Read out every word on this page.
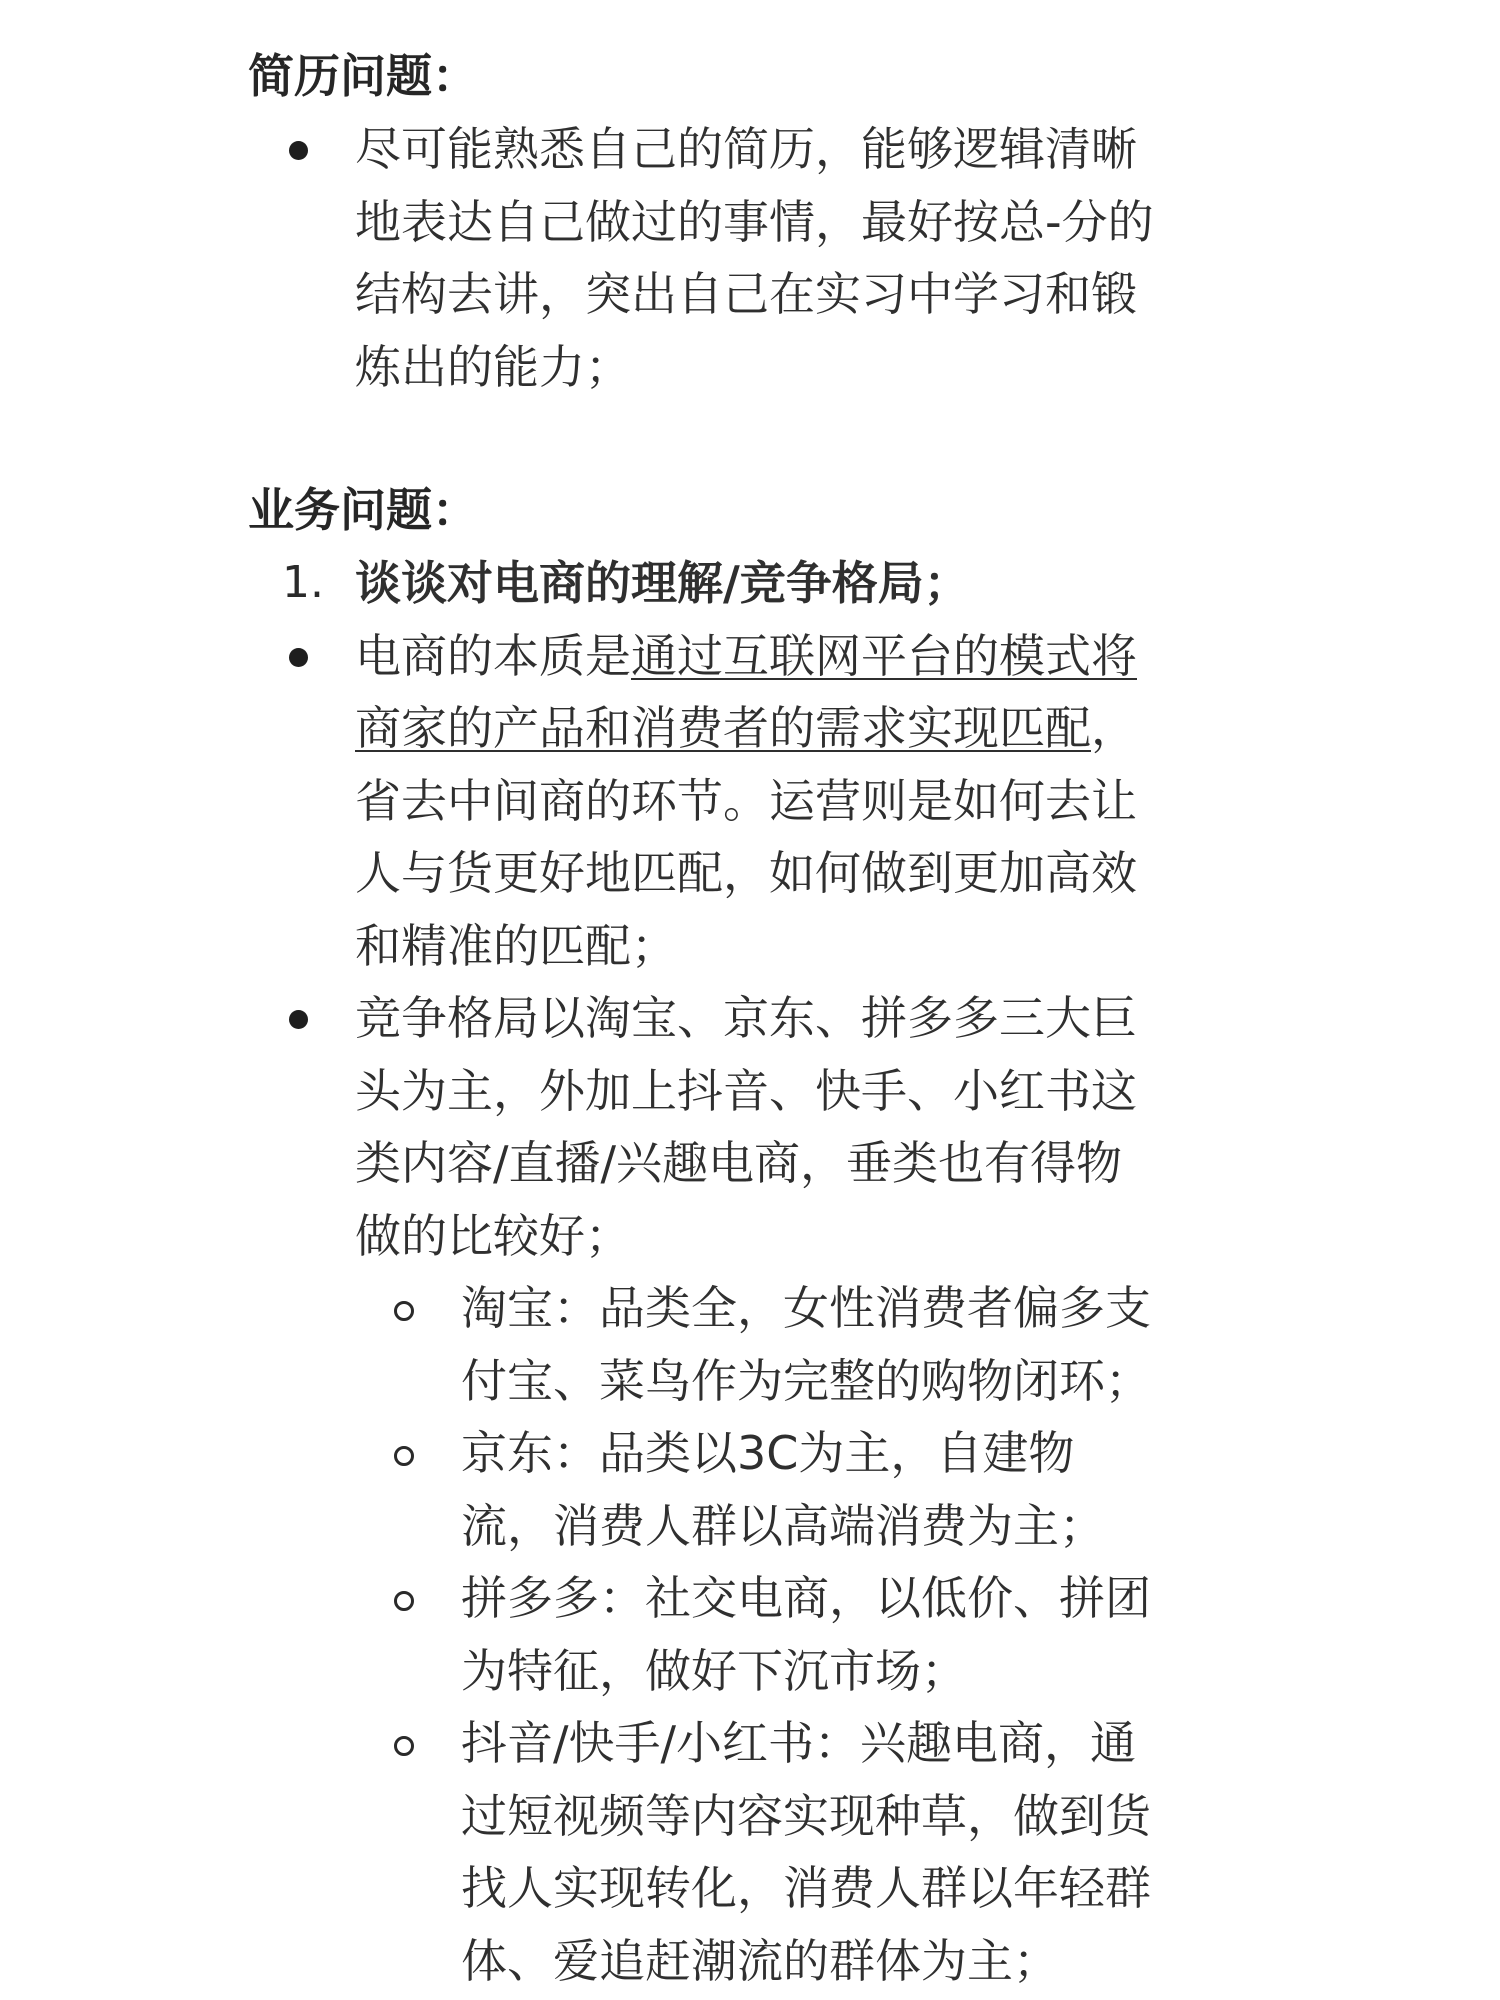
简历问题：
尽可能熟悉自己的简历，能够逻辑清晰
地表达自己做过的事情，最好按总-分的
结构去讲，突出自己在实习中学习和锻
炼出的能力；
业务问题：
1. 谈谈对电商的理解/竞争格局；
电商的本质是通过互联网平台的模式将
商家的产品和消费者的需求实现匹配，
省去中间商的环节。运营则是如何去让
人与货更好地匹配，如何做到更加高效
和精准的匹配；
竞争格局以淘宝、京东、拼多多三大巨
头为主，外加上抖音、快手、小红书这
类内容/直播/兴趣电商，垂类也有得物
做的比较好；
淘宝：品类全，女性消费者偏多支
付宝、菜鸟作为完整的购物闭环；
京东：品类以3C为主，自建物
流，消费人群以高端消费为主；
拼多多：社交电商，以低价、拼团
为特征，做好下沉市场；
抖音/快手/小红书：兴趣电商，通
过短视频等内容实现种草，做到货
找人实现转化，消费人群以年轻群
体、爱追赶潮流的群体为主；
